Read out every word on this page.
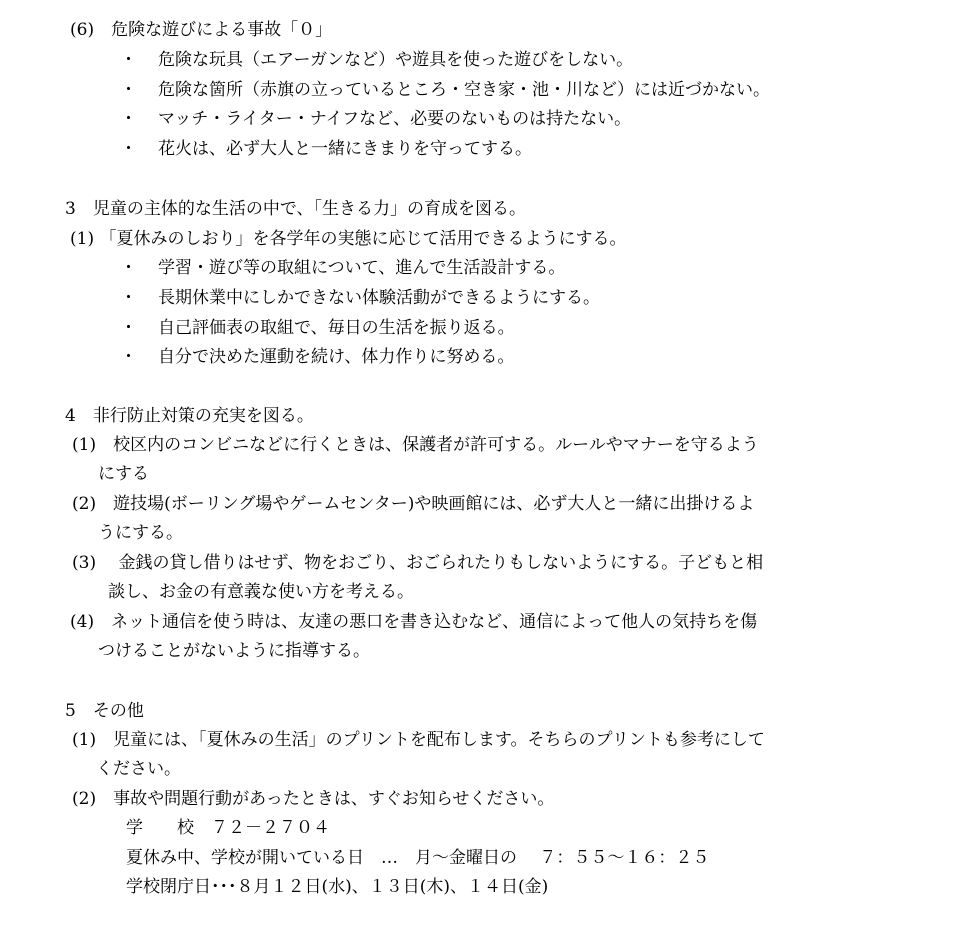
(6)　危険な遊びによる事故「０」
・	危険な玩具（エアーガンなど）や遊具を使った遊びをしない。
・	危険な箇所（赤旗の立っているところ・空き家・池・川など）には近づかない。
・	マッチ・ライター・ナイフなど、必要のないものは持たない。
・	花火は、必ず大人と一緒にきまりを守ってする。
3　児童の主体的な生活の中で、「生きる力」の育成を図る。
(1) 「夏休みのしおり」を各学年の実態に応じて活用できるようにする。
・	学習・遊び等の取組について、進んで生活設計する。
・	長期休業中にしかできない体験活動ができるようにする。
・	自己評価表の取組で、毎日の生活を振り返る。
・	自分で決めた運動を続け、体力作りに努める。
4　非行防止対策の充実を図る。
(1)　校区内のコンビニなどに行くときは、保護者が許可する。ルールやマナーを守るよう
にする
(2)　遊技場(ボーリング場やゲームセンター)や映画館には、必ず大人と一緒に出掛けるよ
うにする。
(3)　 金銭の貸し借りはせず、物をおごり、おごられたりもしないようにする。子どもと相
談し、お金の有意義な使い方を考える。
(4)　ネット通信を使う時は、友達の悪口を書き込むなど、通信によって他人の気持ちを傷
つけることがないように指導する。
5　その他
(1)　児童には、「夏休みの生活」のプリントを配布します。そちらのプリントも参考にして
ください。
(2)　事故や問題行動があったときは、すぐお知らせください。
学　　校　７２－２７０４
夏休み中、学校が開いている日　…　月～金曜日の　 ７：５５～１６：２５
学校閉庁日･･･８月１２日(水)、１３日(木)、１４日(金)
